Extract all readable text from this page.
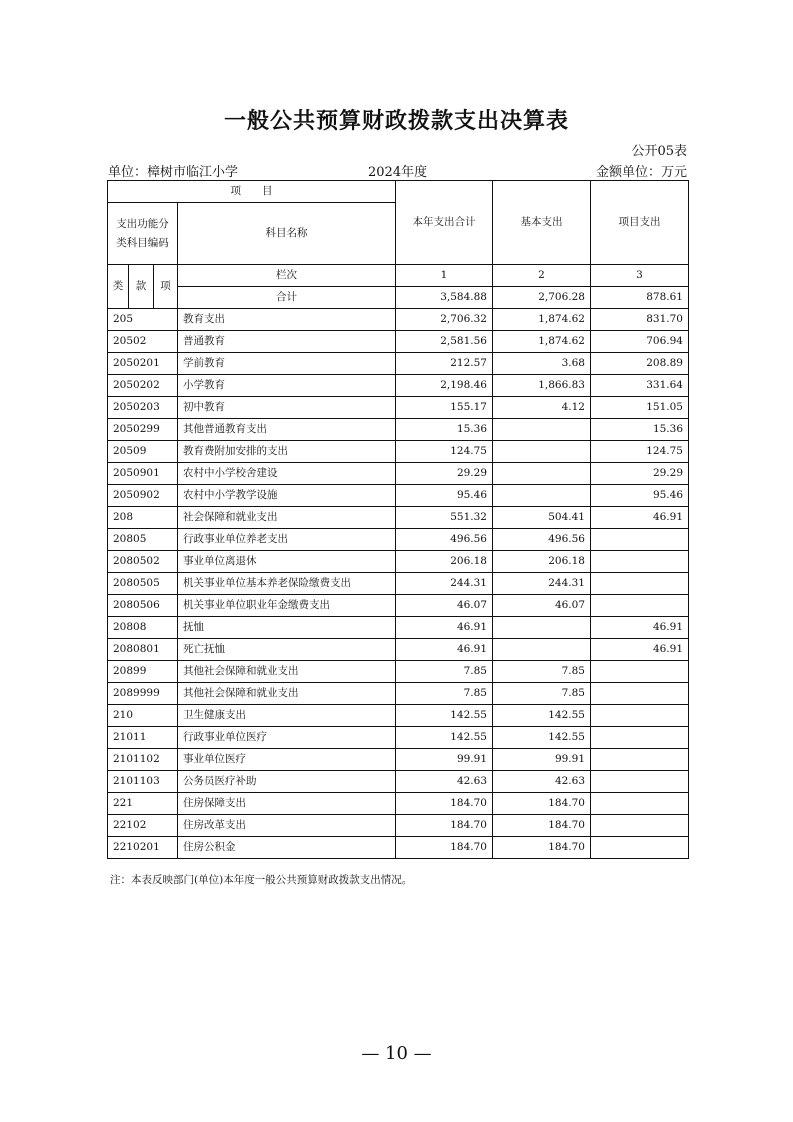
一般公共预算财政拨款支出决算表
公开05表
单位：樟树市临江小学	2024年度	金额单位：万元
项　　目				本年支出合计	基本支出	项目支出
支出功能分类科目编码			科目名称			
类	款	项	栏次	1	2	3
			合计	3,584.88	2,706.28	878.61
205			教育支出	2,706.32	1,874.62	831.70
20502			普通教育	2,581.56	1,874.62	706.94
2050201			学前教育	212.57	3.68	208.89
2050202			小学教育	2,198.46	1,866.83	331.64
2050203			初中教育	155.17	4.12	151.05
2050299			其他普通教育支出	15.36		15.36
20509			教育费附加安排的支出	124.75		124.75
2050901			农村中小学校舍建设	29.29		29.29
2050902			农村中小学教学设施	95.46		95.46
208			社会保障和就业支出	551.32	504.41	46.91
20805			行政事业单位养老支出	496.56	496.56	
2080502			事业单位离退休	206.18	206.18	
2080505			机关事业单位基本养老保险缴费支出	244.31	244.31	
2080506			机关事业单位职业年金缴费支出	46.07	46.07	
20808			抚恤	46.91		46.91
2080801			死亡抚恤	46.91		46.91
20899			其他社会保障和就业支出	7.85	7.85	
2089999			其他社会保障和就业支出	7.85	7.85	
210			卫生健康支出	142.55	142.55	
21011			行政事业单位医疗	142.55	142.55	
2101102			事业单位医疗	99.91	99.91	
2101103			公务员医疗补助	42.63	42.63	
221			住房保障支出	184.70	184.70	
22102			住房改革支出	184.70	184.70	
2210201			住房公积金	184.70	184.70	
注：本表反映部门(单位)本年度一般公共预算财政拨款支出情况。
— 10 —
